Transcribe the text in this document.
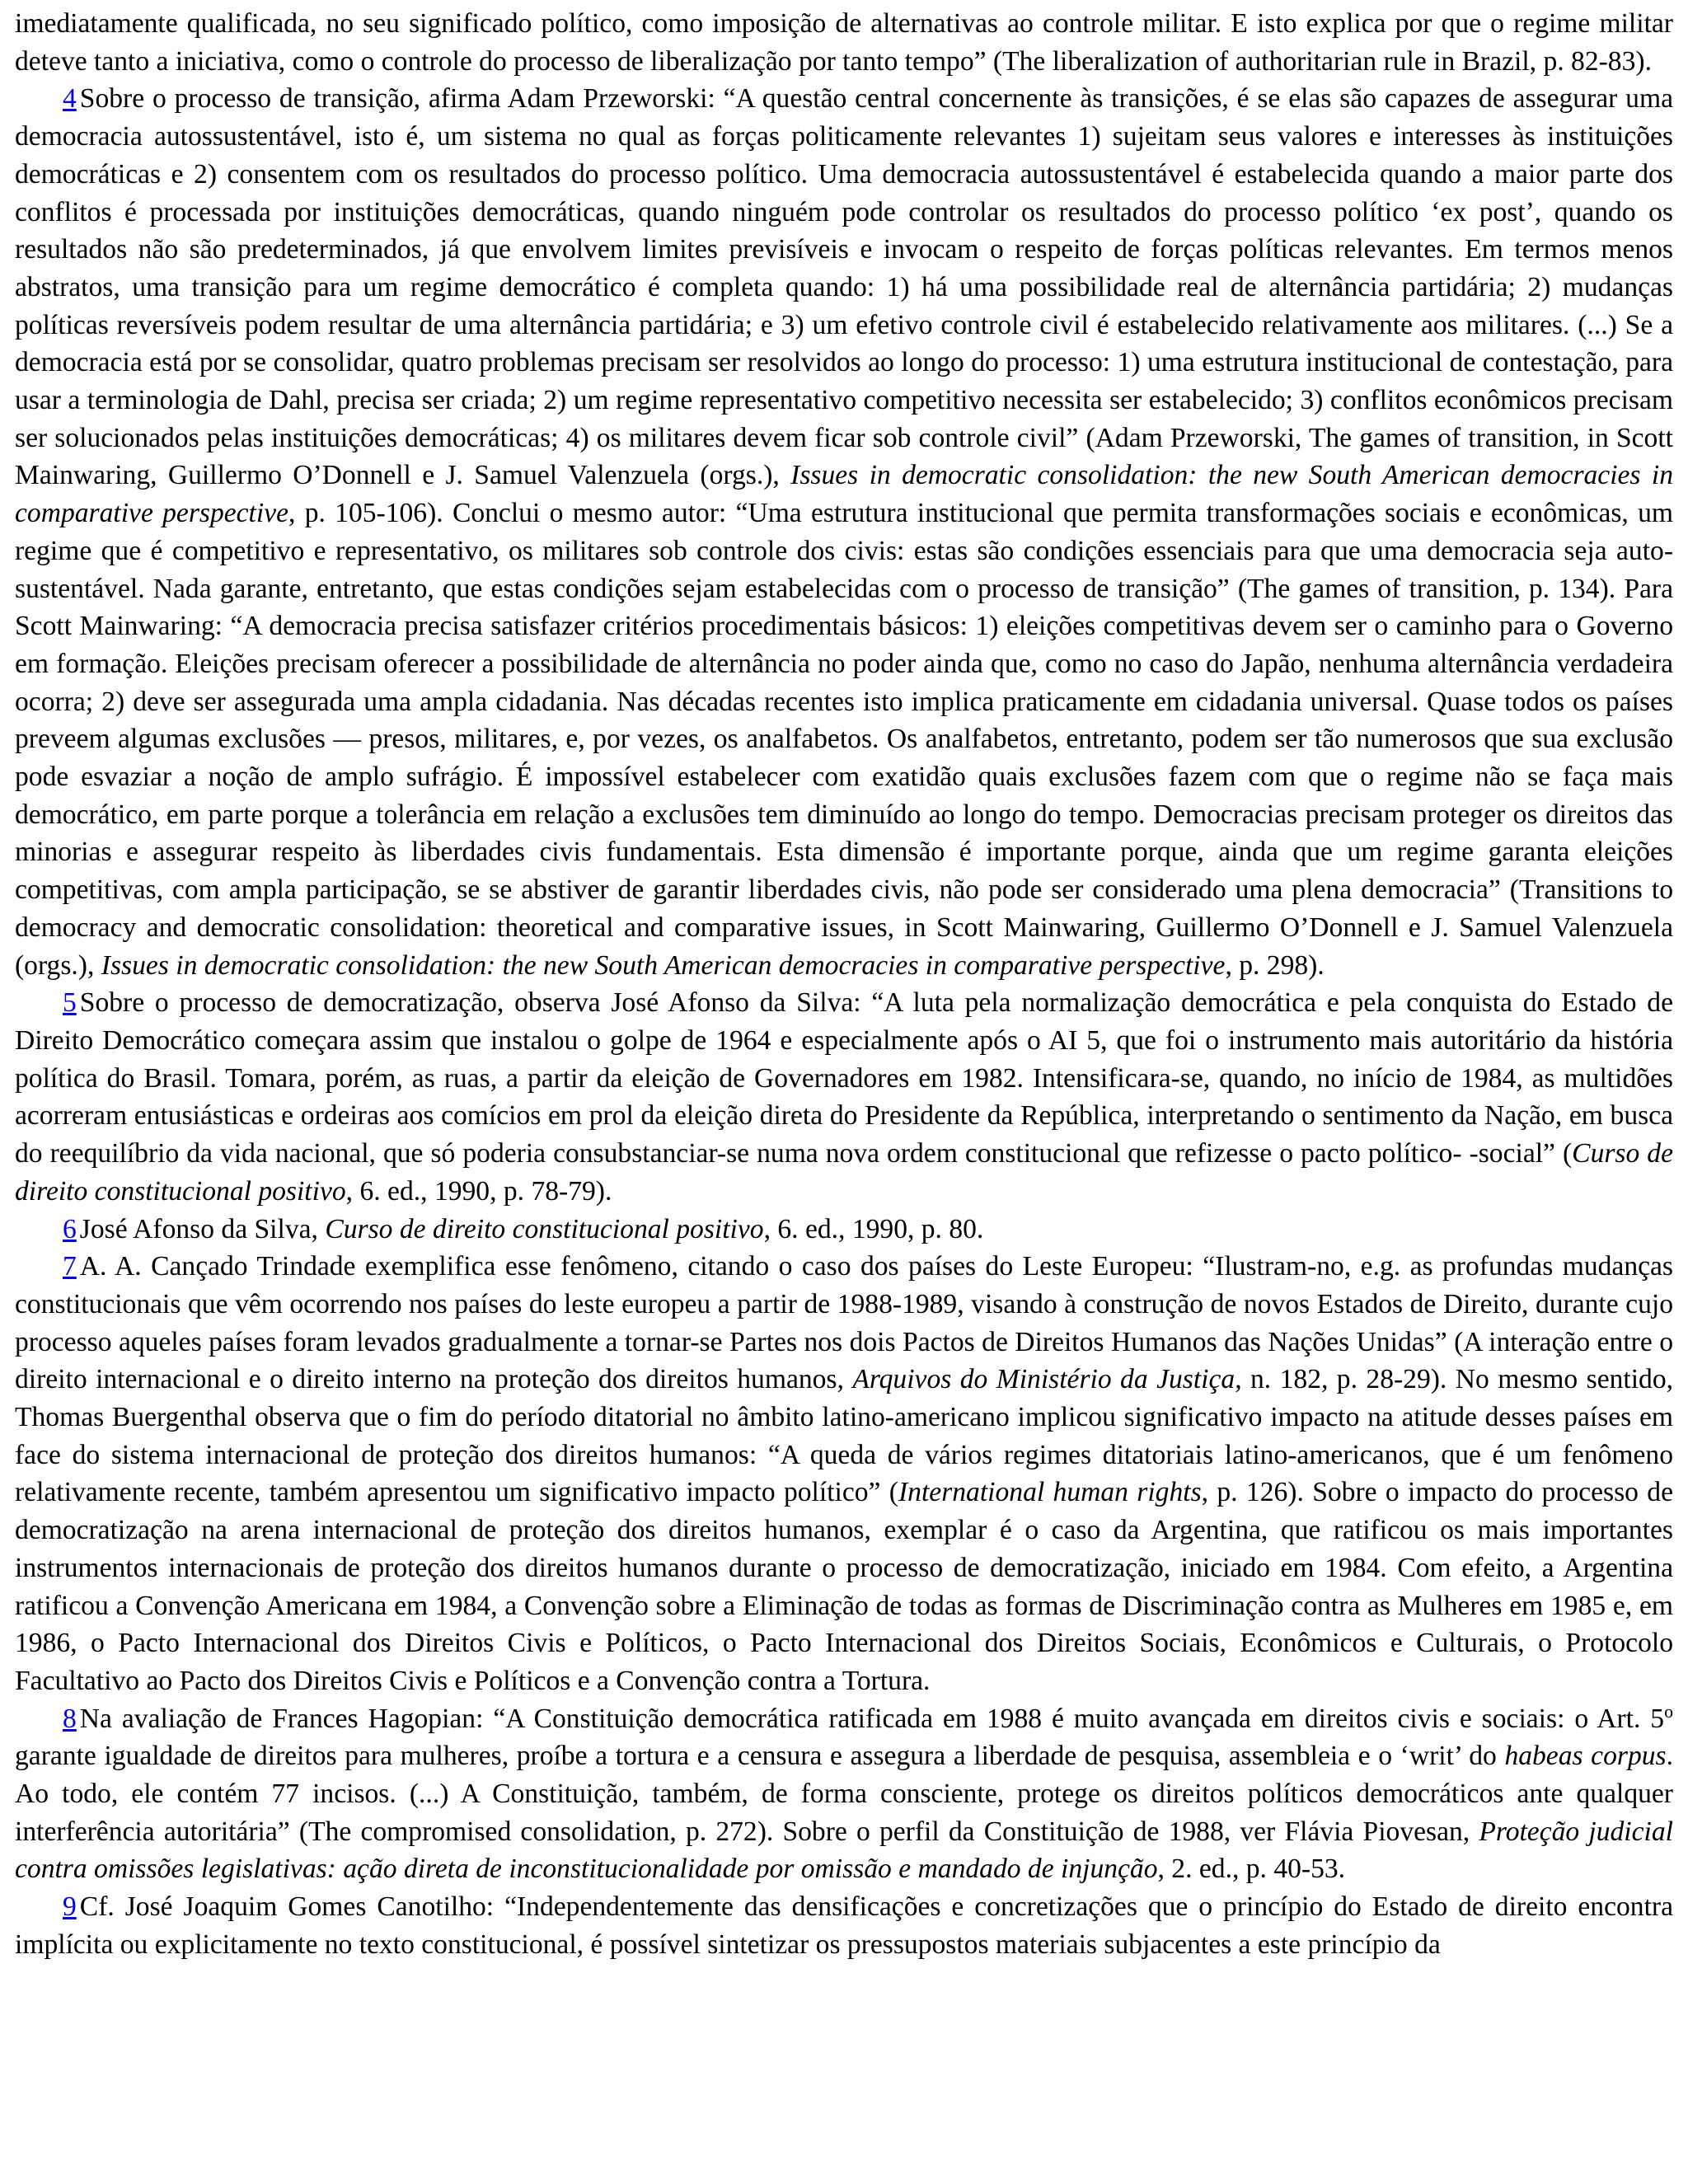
imediatamente qualificada, no seu significado político, como imposição de alternativas ao controle militar. E isto explica por que o regime militar deteve tanto a iniciativa, como o controle do processo de liberalização por tanto tempo” (The liberalization of authoritarian rule in Brazil, p. 82-83).

4 Sobre o processo de transição, afirma Adam Przeworski: “A questão central concernente às transições, é se elas são capazes de assegurar uma democracia autossustentável, isto é, um sistema no qual as forças politicamente relevantes 1) sujeitam seus valores e interesses às instituições democráticas e 2) consentem com os resultados do processo político. Uma democracia autossustentável é estabelecida quando a maior parte dos conflitos é processada por instituições democráticas, quando ninguém pode controlar os resultados do processo político ‘ex post’, quando os resultados não são predeterminados, já que envolvem limites previsíveis e invocam o respeito de forças políticas relevantes. Em termos menos abstratos, uma transição para um regime democrático é completa quando: 1) há uma possibilidade real de alternância partidária; 2) mudanças políticas reversíveis podem resultar de uma alternância partidária; e 3) um efetivo controle civil é estabelecido relativamente aos militares. (...) Se a democracia está por se consolidar, quatro problemas precisam ser resolvidos ao longo do processo: 1) uma estrutura institucional de contestação, para usar a terminologia de Dahl, precisa ser criada; 2) um regime representativo competitivo necessita ser estabelecido; 3) conflitos econômicos precisam ser solucionados pelas instituições democráticas; 4) os militares devem ficar sob controle civil” (Adam Przeworski, The games of transition, in Scott Mainwaring, Guillermo O’Donnell e J. Samuel Valenzuela (orgs.), Issues in democratic consolidation: the new South American democracies in comparative perspective, p. 105-106). Conclui o mesmo autor: “Uma estrutura institucional que permita transformações sociais e econômicas, um regime que é competitivo e representativo, os militares sob controle dos civis: estas são condições essenciais para que uma democracia seja auto-sustentável. Nada garante, entretanto, que estas condições sejam estabelecidas com o processo de transição” (The games of transition, p. 134). Para Scott Mainwaring: “A democracia precisa satisfazer critérios procedimentais básicos: 1) eleições competitivas devem ser o caminho para o Governo em formação. Eleições precisam oferecer a possibilidade de alternância no poder ainda que, como no caso do Japão, nenhuma alternância verdadeira ocorra; 2) deve ser assegurada uma ampla cidadania. Nas décadas recentes isto implica praticamente em cidadania universal. Quase todos os países preveem algumas exclusões — presos, militares, e, por vezes, os analfabetos. Os analfabetos, entretanto, podem ser tão numerosos que sua exclusão pode esvaziar a noção de amplo sufrágio. É impossível estabelecer com exatidão quais exclusões fazem com que o regime não se faça mais democrático, em parte porque a tolerância em relação a exclusões tem diminuído ao longo do tempo. Democracias precisam proteger os direitos das minorias e assegurar respeito às liberdades civis fundamentais. Esta dimensão é importante porque, ainda que um regime garanta eleições competitivas, com ampla participação, se se abstiver de garantir liberdades civis, não pode ser considerado uma plena democracia” (Transitions to democracy and democratic consolidation: theoretical and comparative issues, in Scott Mainwaring, Guillermo O’Donnell e J. Samuel Valenzuela (orgs.), Issues in democratic consolidation: the new South American democracies in comparative perspective, p. 298).

5 Sobre o processo de democratização, observa José Afonso da Silva: “A luta pela normalização democrática e pela conquista do Estado de Direito Democrático começara assim que instalou o golpe de 1964 e especialmente após o AI 5, que foi o instrumento mais autoritário da história política do Brasil. Tomara, porém, as ruas, a partir da eleição de Governadores em 1982. Intensificara-se, quando, no início de 1984, as multidões acorreram entusiásticas e ordeiras aos comícios em prol da eleição direta do Presidente da República, interpretando o sentimento da Nação, em busca do reequilíbrio da vida nacional, que só poderia consubstanciar-se numa nova ordem constitucional que refizesse o pacto político- -social” (Curso de direito constitucional positivo, 6. ed., 1990, p. 78-79).

6 José Afonso da Silva, Curso de direito constitucional positivo, 6. ed., 1990, p. 80.

7 A. A. Cançado Trindade exemplifica esse fenômeno, citando o caso dos países do Leste Europeu: “Ilustram-no, e.g. as profundas mudanças constitucionais que vêm ocorrendo nos países do leste europeu a partir de 1988-1989, visando à construção de novos Estados de Direito, durante cujo processo aqueles países foram levados gradualmente a tornar-se Partes nos dois Pactos de Direitos Humanos das Nações Unidas” (A interação entre o direito internacional e o direito interno na proteção dos direitos humanos, Arquivos do Ministério da Justiça, n. 182, p. 28-29). No mesmo sentido, Thomas Buergenthal observa que o fim do período ditatorial no âmbito latino-americano implicou significativo impacto na atitude desses países em face do sistema internacional de proteção dos direitos humanos: “A queda de vários regimes ditatoriais latino-americanos, que é um fenômeno relativamente recente, também apresentou um significativo impacto político” (International human rights, p. 126). Sobre o impacto do processo de democratização na arena internacional de proteção dos direitos humanos, exemplar é o caso da Argentina, que ratificou os mais importantes instrumentos internacionais de proteção dos direitos humanos durante o processo de democratização, iniciado em 1984. Com efeito, a Argentina ratificou a Convenção Americana em 1984, a Convenção sobre a Eliminação de todas as formas de Discriminação contra as Mulheres em 1985 e, em 1986, o Pacto Internacional dos Direitos Civis e Políticos, o Pacto Internacional dos Direitos Sociais, Econômicos e Culturais, o Protocolo Facultativo ao Pacto dos Direitos Civis e Políticos e a Convenção contra a Tortura.

8 Na avaliação de Frances Hagopian: “A Constituição democrática ratificada em 1988 é muito avançada em direitos civis e sociais: o Art. 5$^o$ garante igualdade de direitos para mulheres, proíbe a tortura e a censura e assegura a liberdade de pesquisa, assembleia e o ‘writ’ do habeas corpus. Ao todo, ele contém 77 incisos. (...) A Constituição, também, de forma consciente, protege os direitos políticos democráticos ante qualquer interferência autoritária” (The compromised consolidation, p. 272). Sobre o perfil da Constituição de 1988, ver Flávia Piovesan, Proteção judicial contra omissões legislativas: ação direta de inconstitucionalidade por omissão e mandado de injunção, 2. ed., p. 40-53.

9 Cf. José Joaquim Gomes Canotilho: “Independentemente das densificações e concretizações que o princípio do Estado de direito encontra implícita ou explicitamente no texto constitucional, é possível sintetizar os pressupostos materiais subjacentes a este princípio da
